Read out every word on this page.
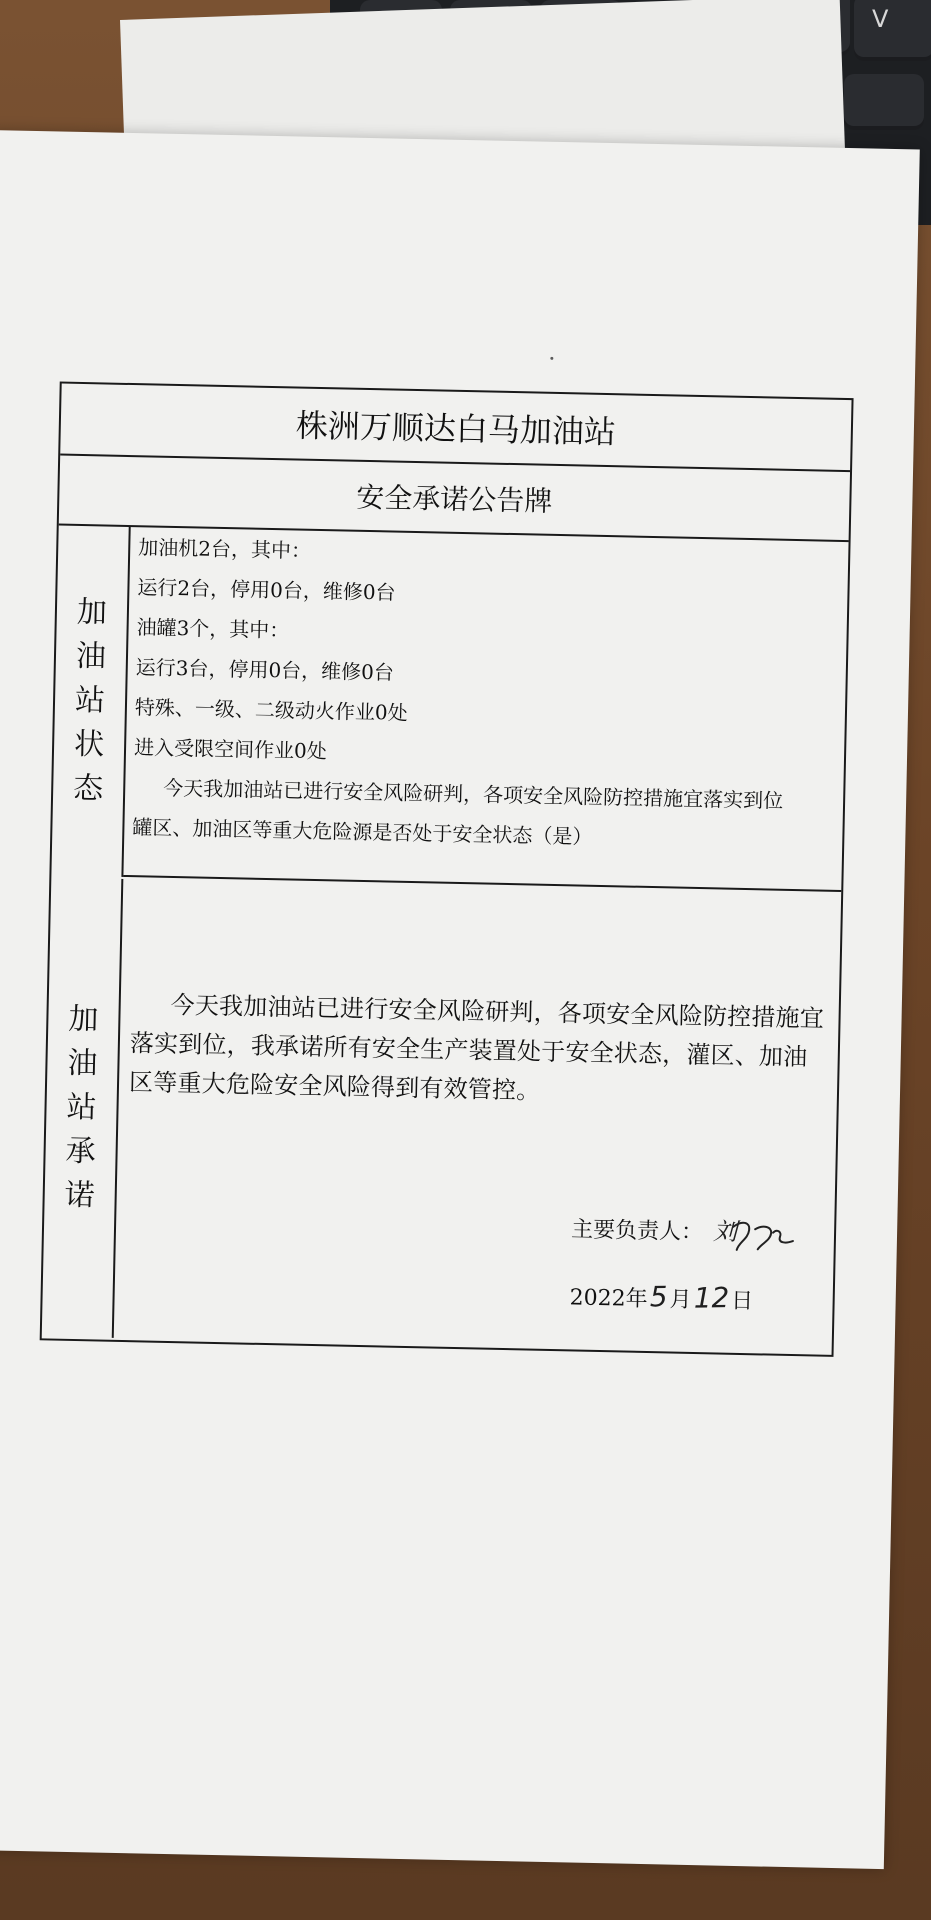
V
株洲万顺达白马加油站
安全承诺公告牌
加
油
站
状
态
加油机2台，其中：
运行2台，停用0台，维修0台
油罐3个，其中：
运行3台，停用0台，维修0台
特殊、一级、二级动火作业0处
进入受限空间作业0处
今天我加油站已进行安全风险研判，各项安全风险防控措施宜落实到位
罐区、加油区等重大危险源是否处于安全状态（是）
加
油
站
承
诺
今天我加油站已进行安全风险研判，各项安全风险防控措施宜落实到位，我承诺所有安全生产装置处于安全状态，灌区、加油区等重大危险安全风险得到有效管控。
主要负责人： 刘
2022年 5 月 12 日
